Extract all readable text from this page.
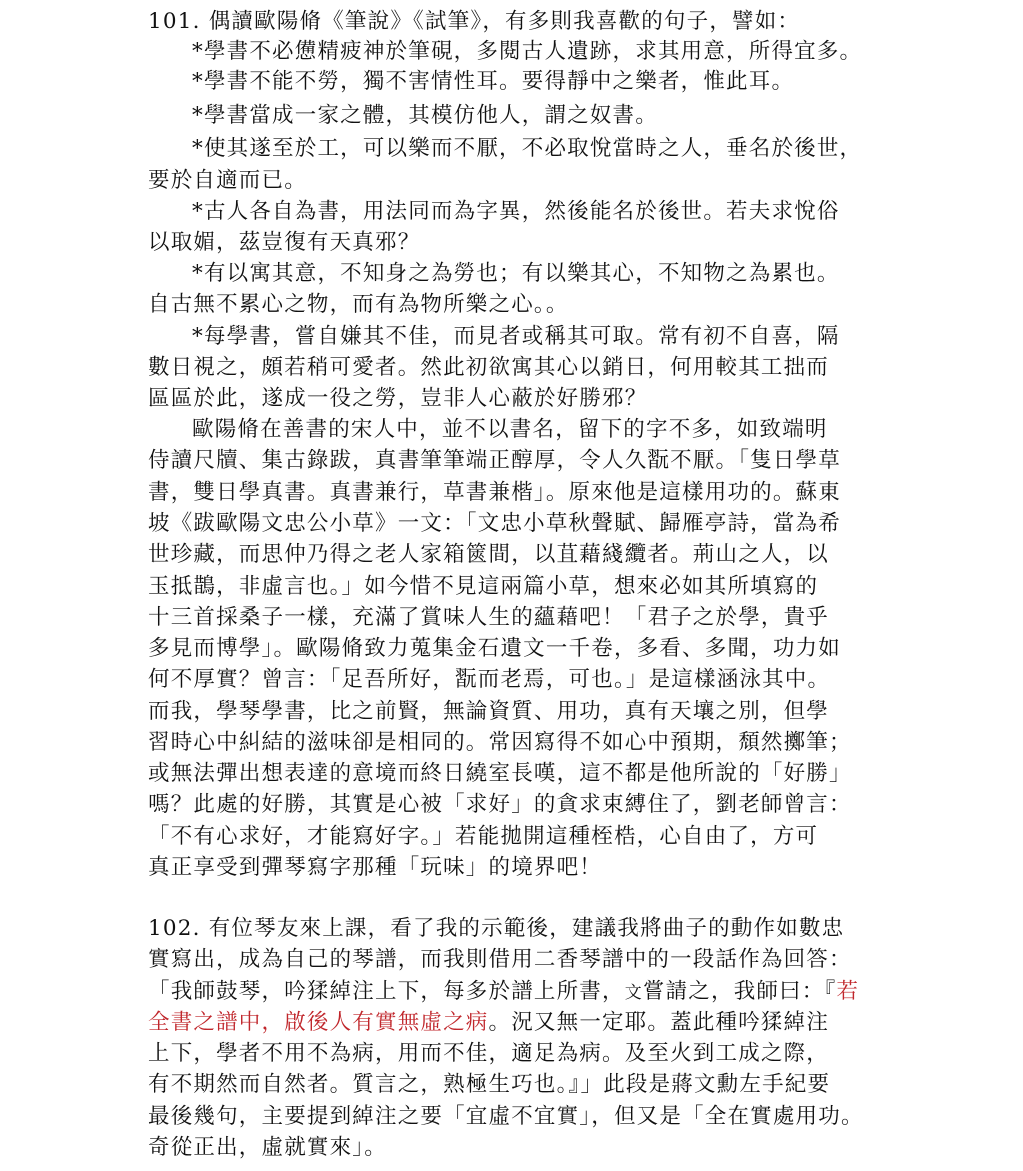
101. 偶讀歐陽脩《筆說》《試筆》，有多則我喜歡的句子，譬如：
*學書不必憊精疲神於筆硯，多閱古人遺跡，求其用意，所得宜多。
*學書不能不勞，獨不害情性耳。要得靜中之樂者，惟此耳。
*學書當成一家之體，其模仿他人，謂之奴書。
*使其遂至於工，可以樂而不厭，不必取悅當時之人，垂名於後世，
要於自適而已。
*古人各自為書，用法同而為字異，然後能名於後世。若夫求悅俗
以取媚，茲豈復有天真邪？
*有以寓其意，不知身之為勞也；有以樂其心，不知物之為累也。
自古無不累心之物，而有為物所樂之心。。
*每學書，嘗自嫌其不佳，而見者或稱其可取。常有初不自喜，隔
數日視之，頗若稍可愛者。然此初欲寓其心以銷日，何用較其工拙而
區區於此，遂成一役之勞，豈非人心蔽於好勝邪？
歐陽脩在善書的宋人中，並不以書名，留下的字不多，如致端明
侍讀尺牘、集古錄跋，真書筆筆端正醇厚，令人久翫不厭。「隻日學草
書，雙日學真書。真書兼行，草書兼楷」。原來他是這樣用功的。蘇東
坡《跋歐陽文忠公小草》一文：「文忠小草秋聲賦、歸雁亭詩，當為希
世珍藏，而思仲乃得之老人家箱篋間，以苴藉綫纜者。荊山之人，以
玉抵鵲，非虛言也。」如今惜不見這兩篇小草，想來必如其所填寫的
十三首採桑子一樣，充滿了賞味人生的蘊藉吧！「君子之於學，貴乎
多見而博學」。歐陽脩致力蒐集金石遺文一千卷，多看、多聞，功力如
何不厚實？曾言：「足吾所好，翫而老焉，可也。」是這樣涵泳其中。
而我，學琴學書，比之前賢，無論資質、用功，真有天壤之別，但學
習時心中糾結的滋味卻是相同的。常因寫得不如心中預期，頹然擲筆；
或無法彈出想表達的意境而終日繞室長嘆，這不都是他所說的「好勝」
嗎？此處的好勝，其實是心被「求好」的貪求束縛住了，劉老師曾言：
「不有心求好，才能寫好字。」若能拋開這種桎梏，心自由了，方可
真正享受到彈琴寫字那種「玩味」的境界吧！
102. 有位琴友來上課，看了我的示範後，建議我將曲子的動作如數忠
實寫出，成為自己的琴譜，而我則借用二香琴譜中的一段話作為回答：
「我師鼓琴，吟猱綽注上下，每多於譜上所書，文嘗請之，我師曰：『若
全書之譜中，啟後人有實無虛之病。況又無一定耶。蓋此種吟猱綽注
上下，學者不用不為病，用而不佳，適足為病。及至火到工成之際，
有不期然而自然者。質言之，熟極生巧也。』」此段是蔣文勳左手紀要
最後幾句，主要提到綽注之要「宜虛不宜實」，但又是「全在實處用功。
奇從正出，虛就實來」。
